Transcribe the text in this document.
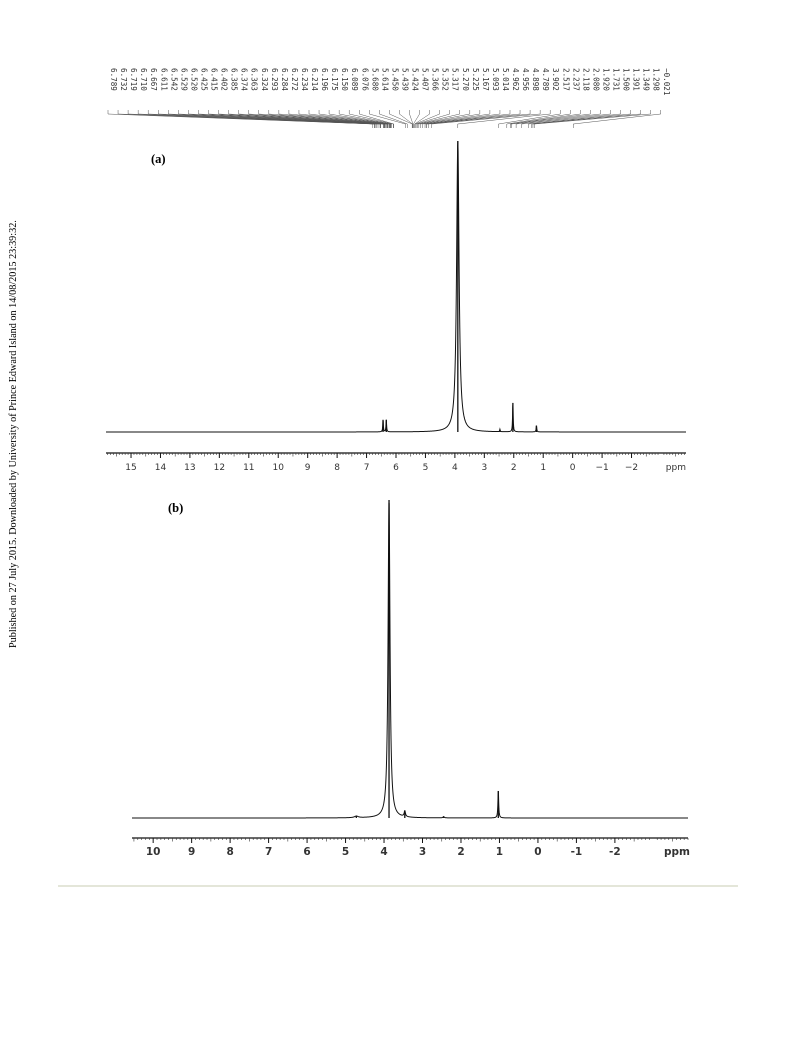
Published on 27 July 2015. Downloaded by University of Prince Edward Island on 14/08/2015 23:39:32.
(a)
15 14 13 12 11 10 9	8	7	6	5	4	3	2	1	0 −1 −2	ppm
6.789 6.732 6.719 6.710 6.667 6.611 6.542 6.529 6.520 6.425 6.415 6.402 6.385 6.374 6.363 6.324 6.293 6.284 6.272 6.234 6.214 6.196 6.175 6.150 6.089 6.076 5.680 5.614 5.450 5.439 5.424 5.407 5.366 5.352 5.317 5.270 5.225 5.167 5.093 5.014 4.962 4.956 4.898 4.789 3.902 2.517 2.237 2.118 2.080 1.920 1.731 1.500 1.391 1.349 1.298 −0.021
(b)
10	9	8	7	6	5	4	3	2	1	0	-1	-2	ppm
